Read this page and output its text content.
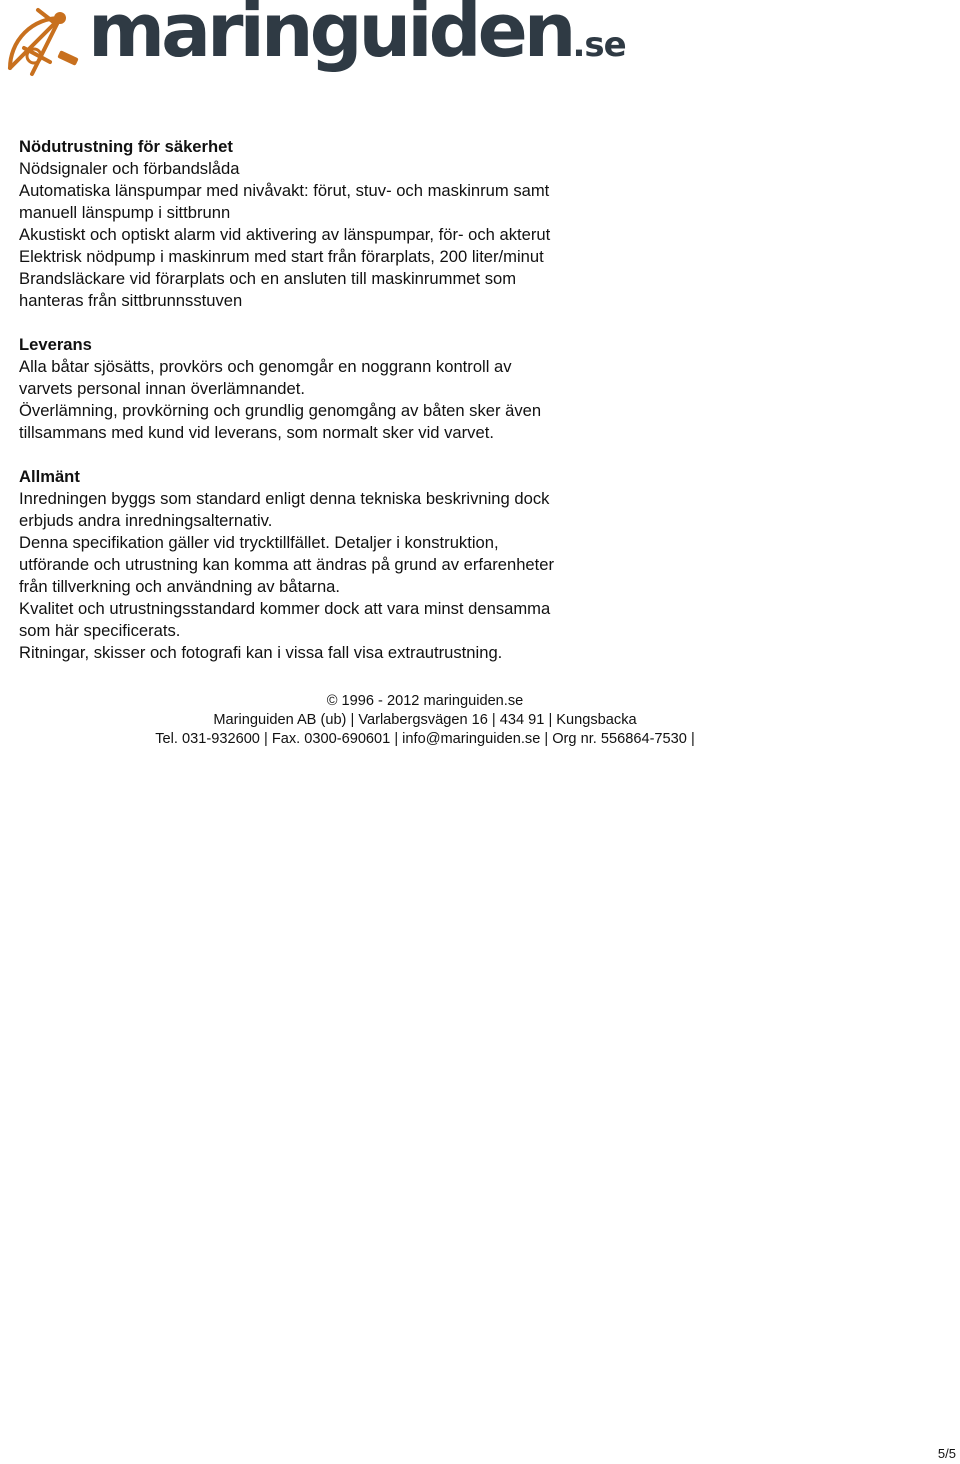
maringuiden.se
Nödutrustning för säkerhet
Nödsignaler och förbandslåda
Automatiska länspumpar med nivåvakt: förut, stuv- och maskinrum samt
manuell länspump i sittbrunn
Akustiskt och optiskt alarm vid aktivering av länspumpar, för- och akterut
Elektrisk nödpump i maskinrum med start från förarplats, 200 liter/minut
Brandsläckare vid förarplats och en ansluten till maskinrummet som
hanteras från sittbrunnsstuven
Leverans
Alla båtar sjösätts, provkörs och genomgår en noggrann kontroll av
varvets personal innan överlämnandet.
Överlämning, provkörning och grundlig genomgång av båten sker även
tillsammans med kund vid leverans, som normalt sker vid varvet.
Allmänt
Inredningen byggs som standard enligt denna tekniska beskrivning dock
erbjuds andra inredningsalternativ.
Denna specifikation gäller vid trycktillfället. Detaljer i konstruktion,
utförande och utrustning kan komma att ändras på grund av erfarenheter
från tillverkning och användning av båtarna.
Kvalitet och utrustningsstandard kommer dock att vara minst densamma
som här specificerats.
Ritningar, skisser och fotografi kan i vissa fall visa extrautrustning.
© 1996 - 2012 maringuiden.se
Maringuiden AB (ub) | Varlabergsvägen 16 | 434 91 | Kungsbacka
Tel. 031-932600 | Fax. 0300-690601 | info@maringuiden.se | Org nr. 556864-7530 |
5/5
